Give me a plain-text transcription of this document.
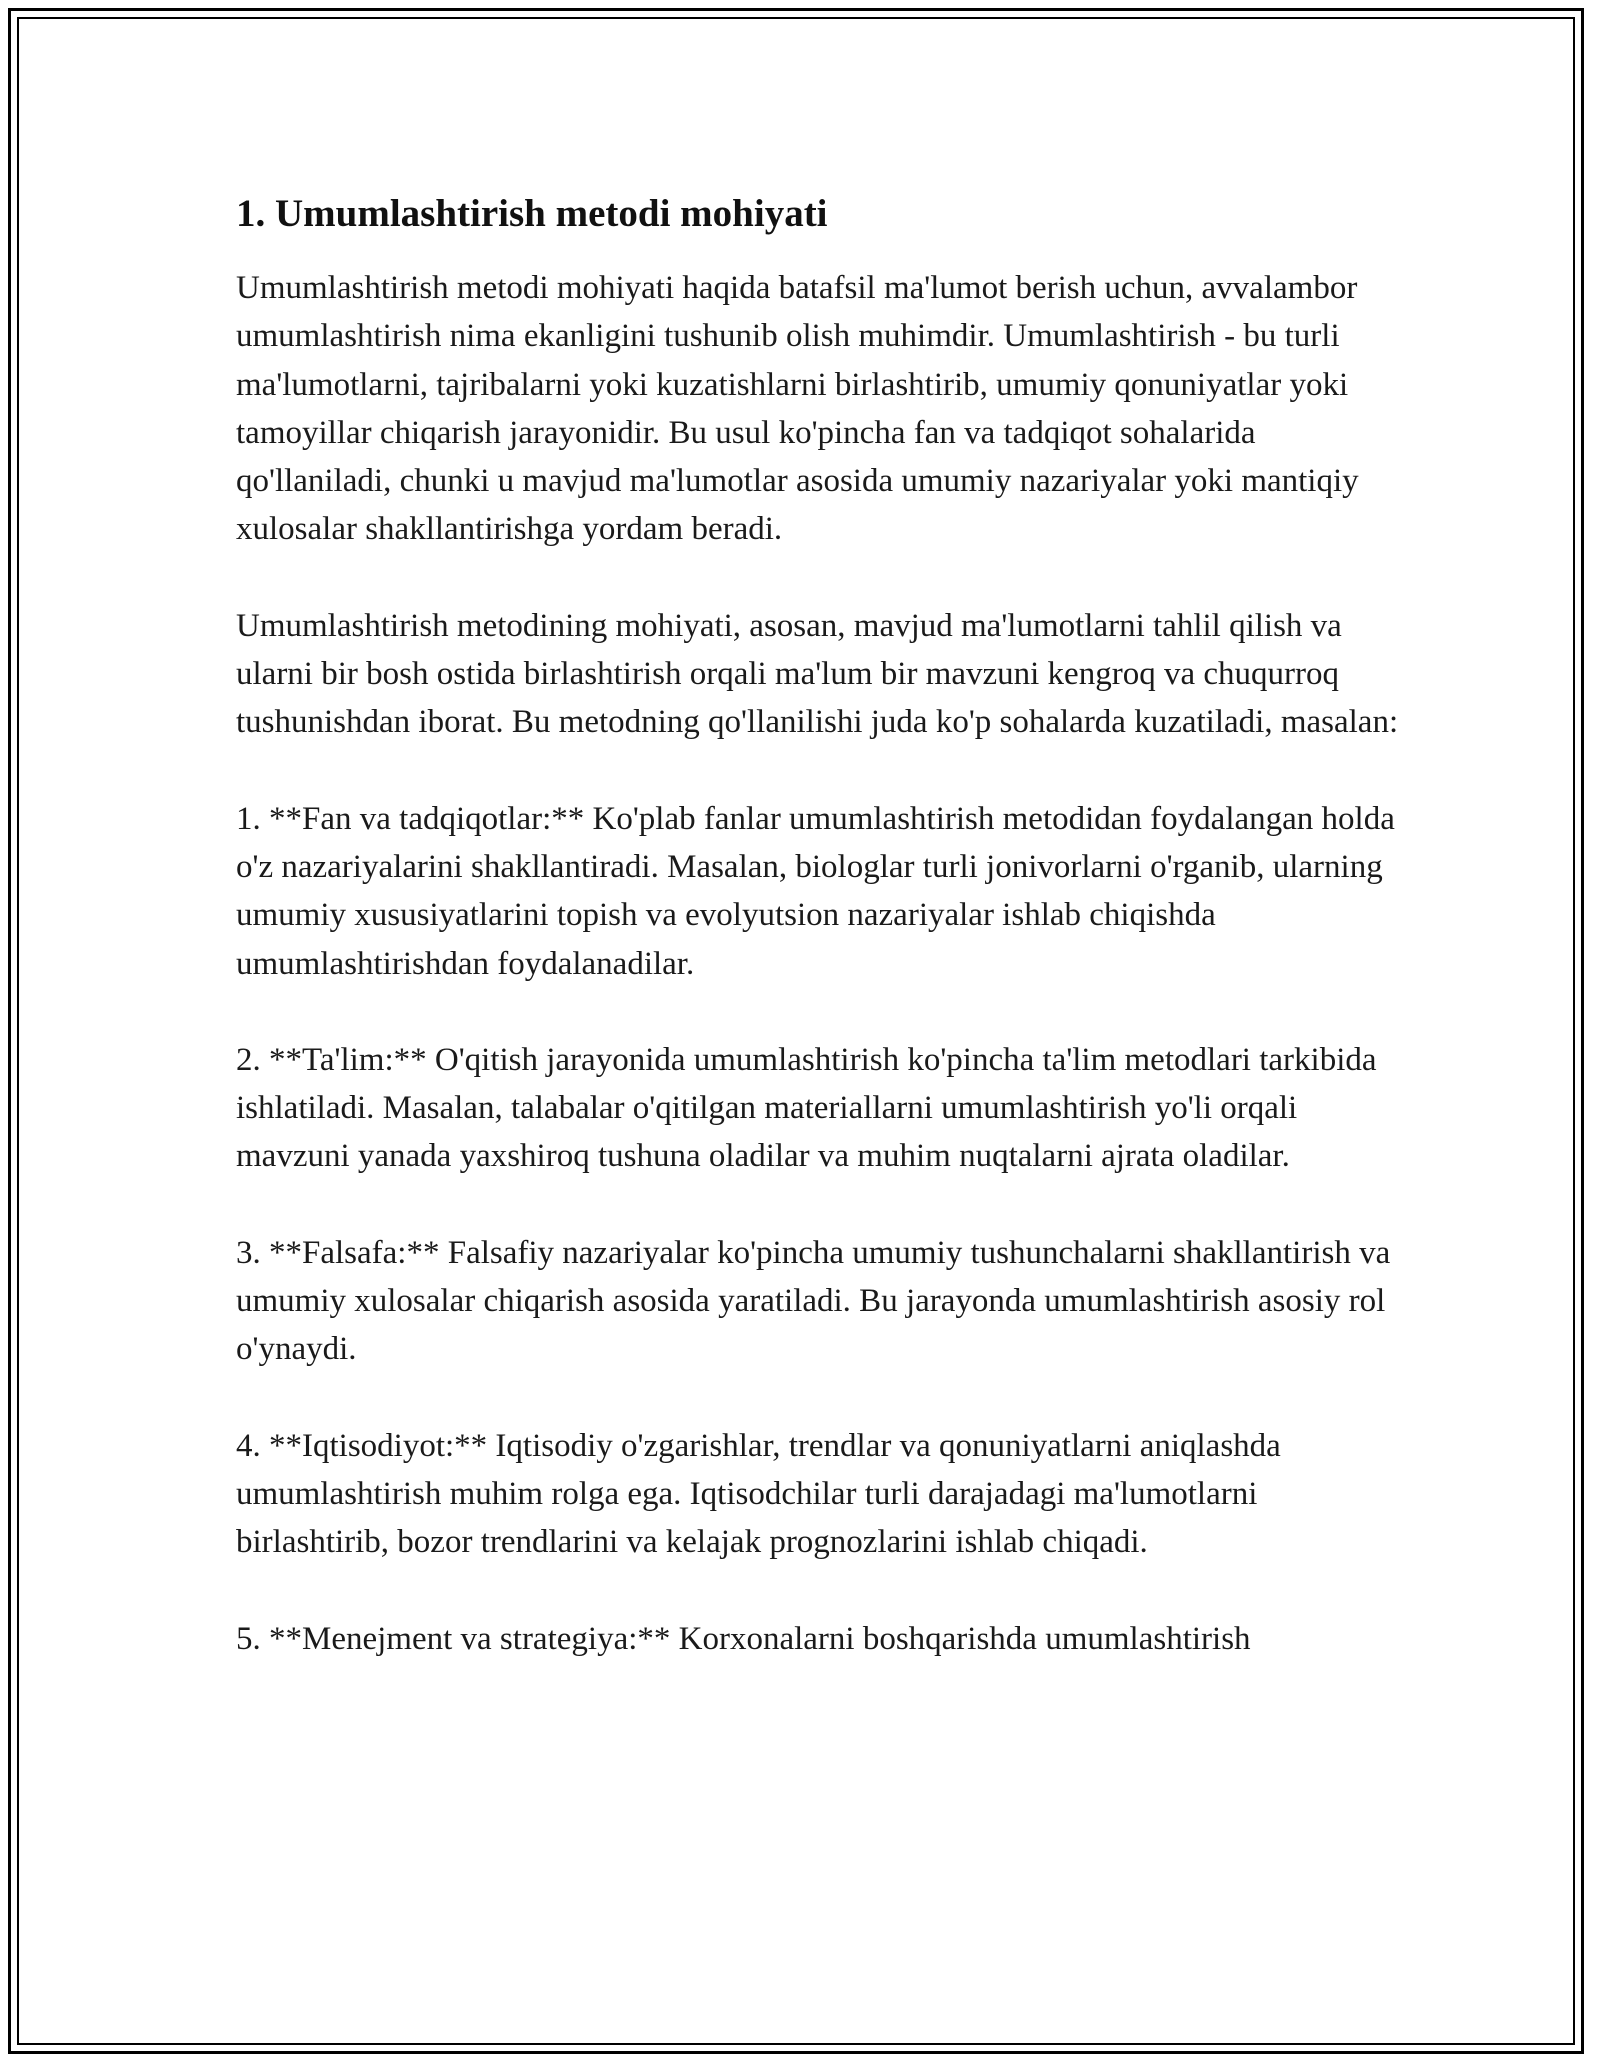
1. Umumlashtirish metodi mohiyati

Umumlashtirish metodi mohiyati haqida batafsil ma'lumot berish uchun, avvalambor umumlashtirish nima ekanligini tushunib olish muhimdir. Umumlashtirish - bu turli ma'lumotlarni, tajribalarni yoki kuzatishlarni birlashtirib, umumiy qonuniyatlar yoki tamoyillar chiqarish jarayonidir. Bu usul ko'pincha fan va tadqiqot sohalarida qo'llaniladi, chunki u mavjud ma'lumotlar asosida umumiy nazariyalar yoki mantiqiy xulosalar shakllantirishga yordam beradi.

Umumlashtirish metodining mohiyati, asosan, mavjud ma'lumotlarni tahlil qilish va ularni bir bosh ostida birlashtirish orqali ma'lum bir mavzuni kengroq va chuqurroq tushunishdan iborat. Bu metodning qo'llanilishi juda ko'p sohalarda kuzatiladi, masalan:

1. **Fan va tadqiqotlar:** Ko'plab fanlar umumlashtirish metodidan foydalangan holda o'z nazariyalarini shakllantiradi. Masalan, biologlar turli jonivorlarni o'rganib, ularning umumiy xususiyatlarini topish va evolyutsion nazariyalar ishlab chiqishda umumlashtirishdan foydalanadilar.

2. **Ta'lim:** O'qitish jarayonida umumlashtirish ko'pincha ta'lim metodlari tarkibida ishlatiladi. Masalan, talabalar o'qitilgan materiallarni umumlashtirish yo'li orqali mavzuni yanada yaxshiroq tushuna oladilar va muhim nuqtalarni ajrata oladilar.

3. **Falsafa:** Falsafiy nazariyalar ko'pincha umumiy tushunchalarni shakllantirish va umumiy xulosalar chiqarish asosida yaratiladi. Bu jarayonda umumlashtirish asosiy rol o'ynaydi.

4. **Iqtisodiyot:** Iqtisodiy o'zgarishlar, trendlar va qonuniyatlarni aniqlashda umumlashtirish muhim rolga ega. Iqtisodchilar turli darajadagi ma'lumotlarni birlashtirib, bozor trendlarini va kelajak prognozlarini ishlab chiqadi.

5. **Menejment va strategiya:** Korxonalarni boshqarishda umumlashtirish
